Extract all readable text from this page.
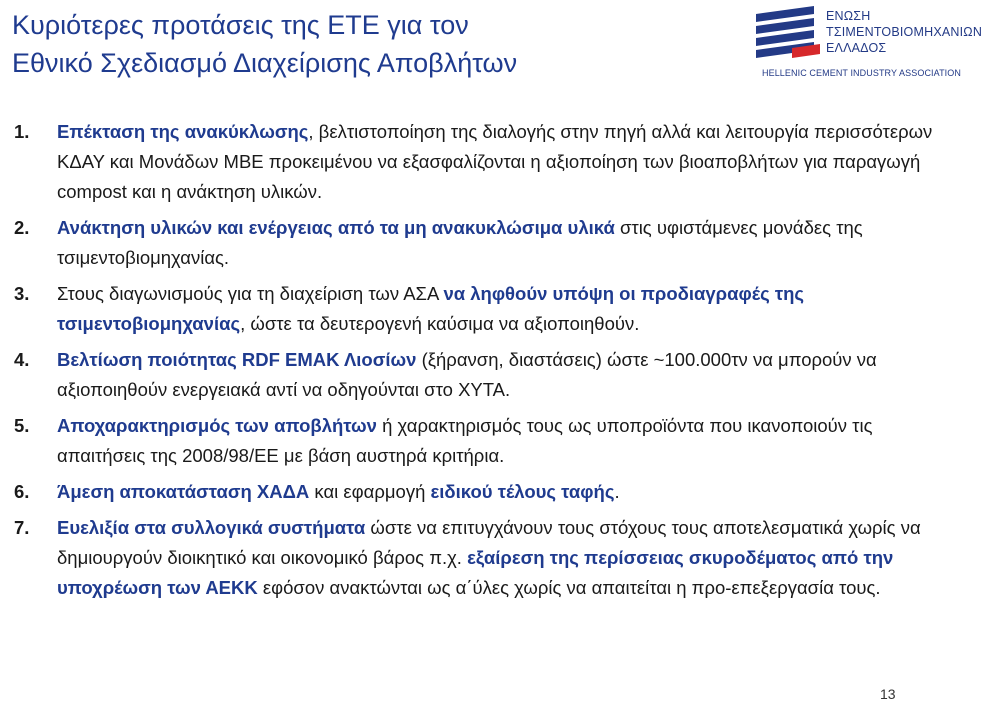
Κυριότερες προτάσεις της ΕΤΕ για τον
Εθνικό Σχεδιασμό Διαχείρισης Αποβλήτων
ΕΝΩΣΗ
ΤΣΙΜΕΝΤΟΒΙΟΜΗΧΑΝΙΩΝ
ΕΛΛΑΔΟΣ
HELLENIC CEMENT INDUSTRY ASSOCIATION
1. Επέκταση της ανακύκλωσης, βελτιστοποίηση της διαλογής στην πηγή αλλά και λειτουργία περισσότερων ΚΔΑΥ και Μονάδων ΜΒΕ προκειμένου να εξασφαλίζονται η αξιοποίηση των βιοαποβλήτων για παραγωγή compost και η ανάκτηση υλικών.
2. Ανάκτηση υλικών και ενέργειας από τα μη ανακυκλώσιμα υλικά στις υφιστάμενες μονάδες της τσιμεντοβιομηχανίας.
3. Στους διαγωνισμούς για τη διαχείριση των ΑΣΑ να ληφθούν υπόψη οι προδιαγραφές της τσιμεντοβιομηχανίας, ώστε τα δευτερογενή καύσιμα να αξιοποιηθούν.
4. Βελτίωση ποιότητας RDF ΕΜΑΚ Λιοσίων (ξήρανση, διαστάσεις) ώστε ~100.000τν να μπορούν να αξιοποιηθούν ενεργειακά αντί να οδηγούνται στο ΧΥΤΑ.
5. Αποχαρακτηρισμός των αποβλήτων ή χαρακτηρισμός τους ως υποπροϊόντα που ικανοποιούν τις απαιτήσεις της 2008/98/ΕΕ με βάση αυστηρά κριτήρια.
6. Άμεση αποκατάσταση ΧΑΔΑ και εφαρμογή ειδικού τέλους ταφής.
7. Ευελιξία στα συλλογικά συστήματα ώστε να επιτυγχάνουν τους στόχους τους αποτελεσματικά χωρίς να δημιουργούν διοικητικό και οικονομικό βάρος π.χ. εξαίρεση της περίσσειας σκυροδέματος από την υποχρέωση των ΑΕΚΚ εφόσον ανακτώνται ως α΄ύλες χωρίς να απαιτείται η προ-επεξεργασία τους.
13
